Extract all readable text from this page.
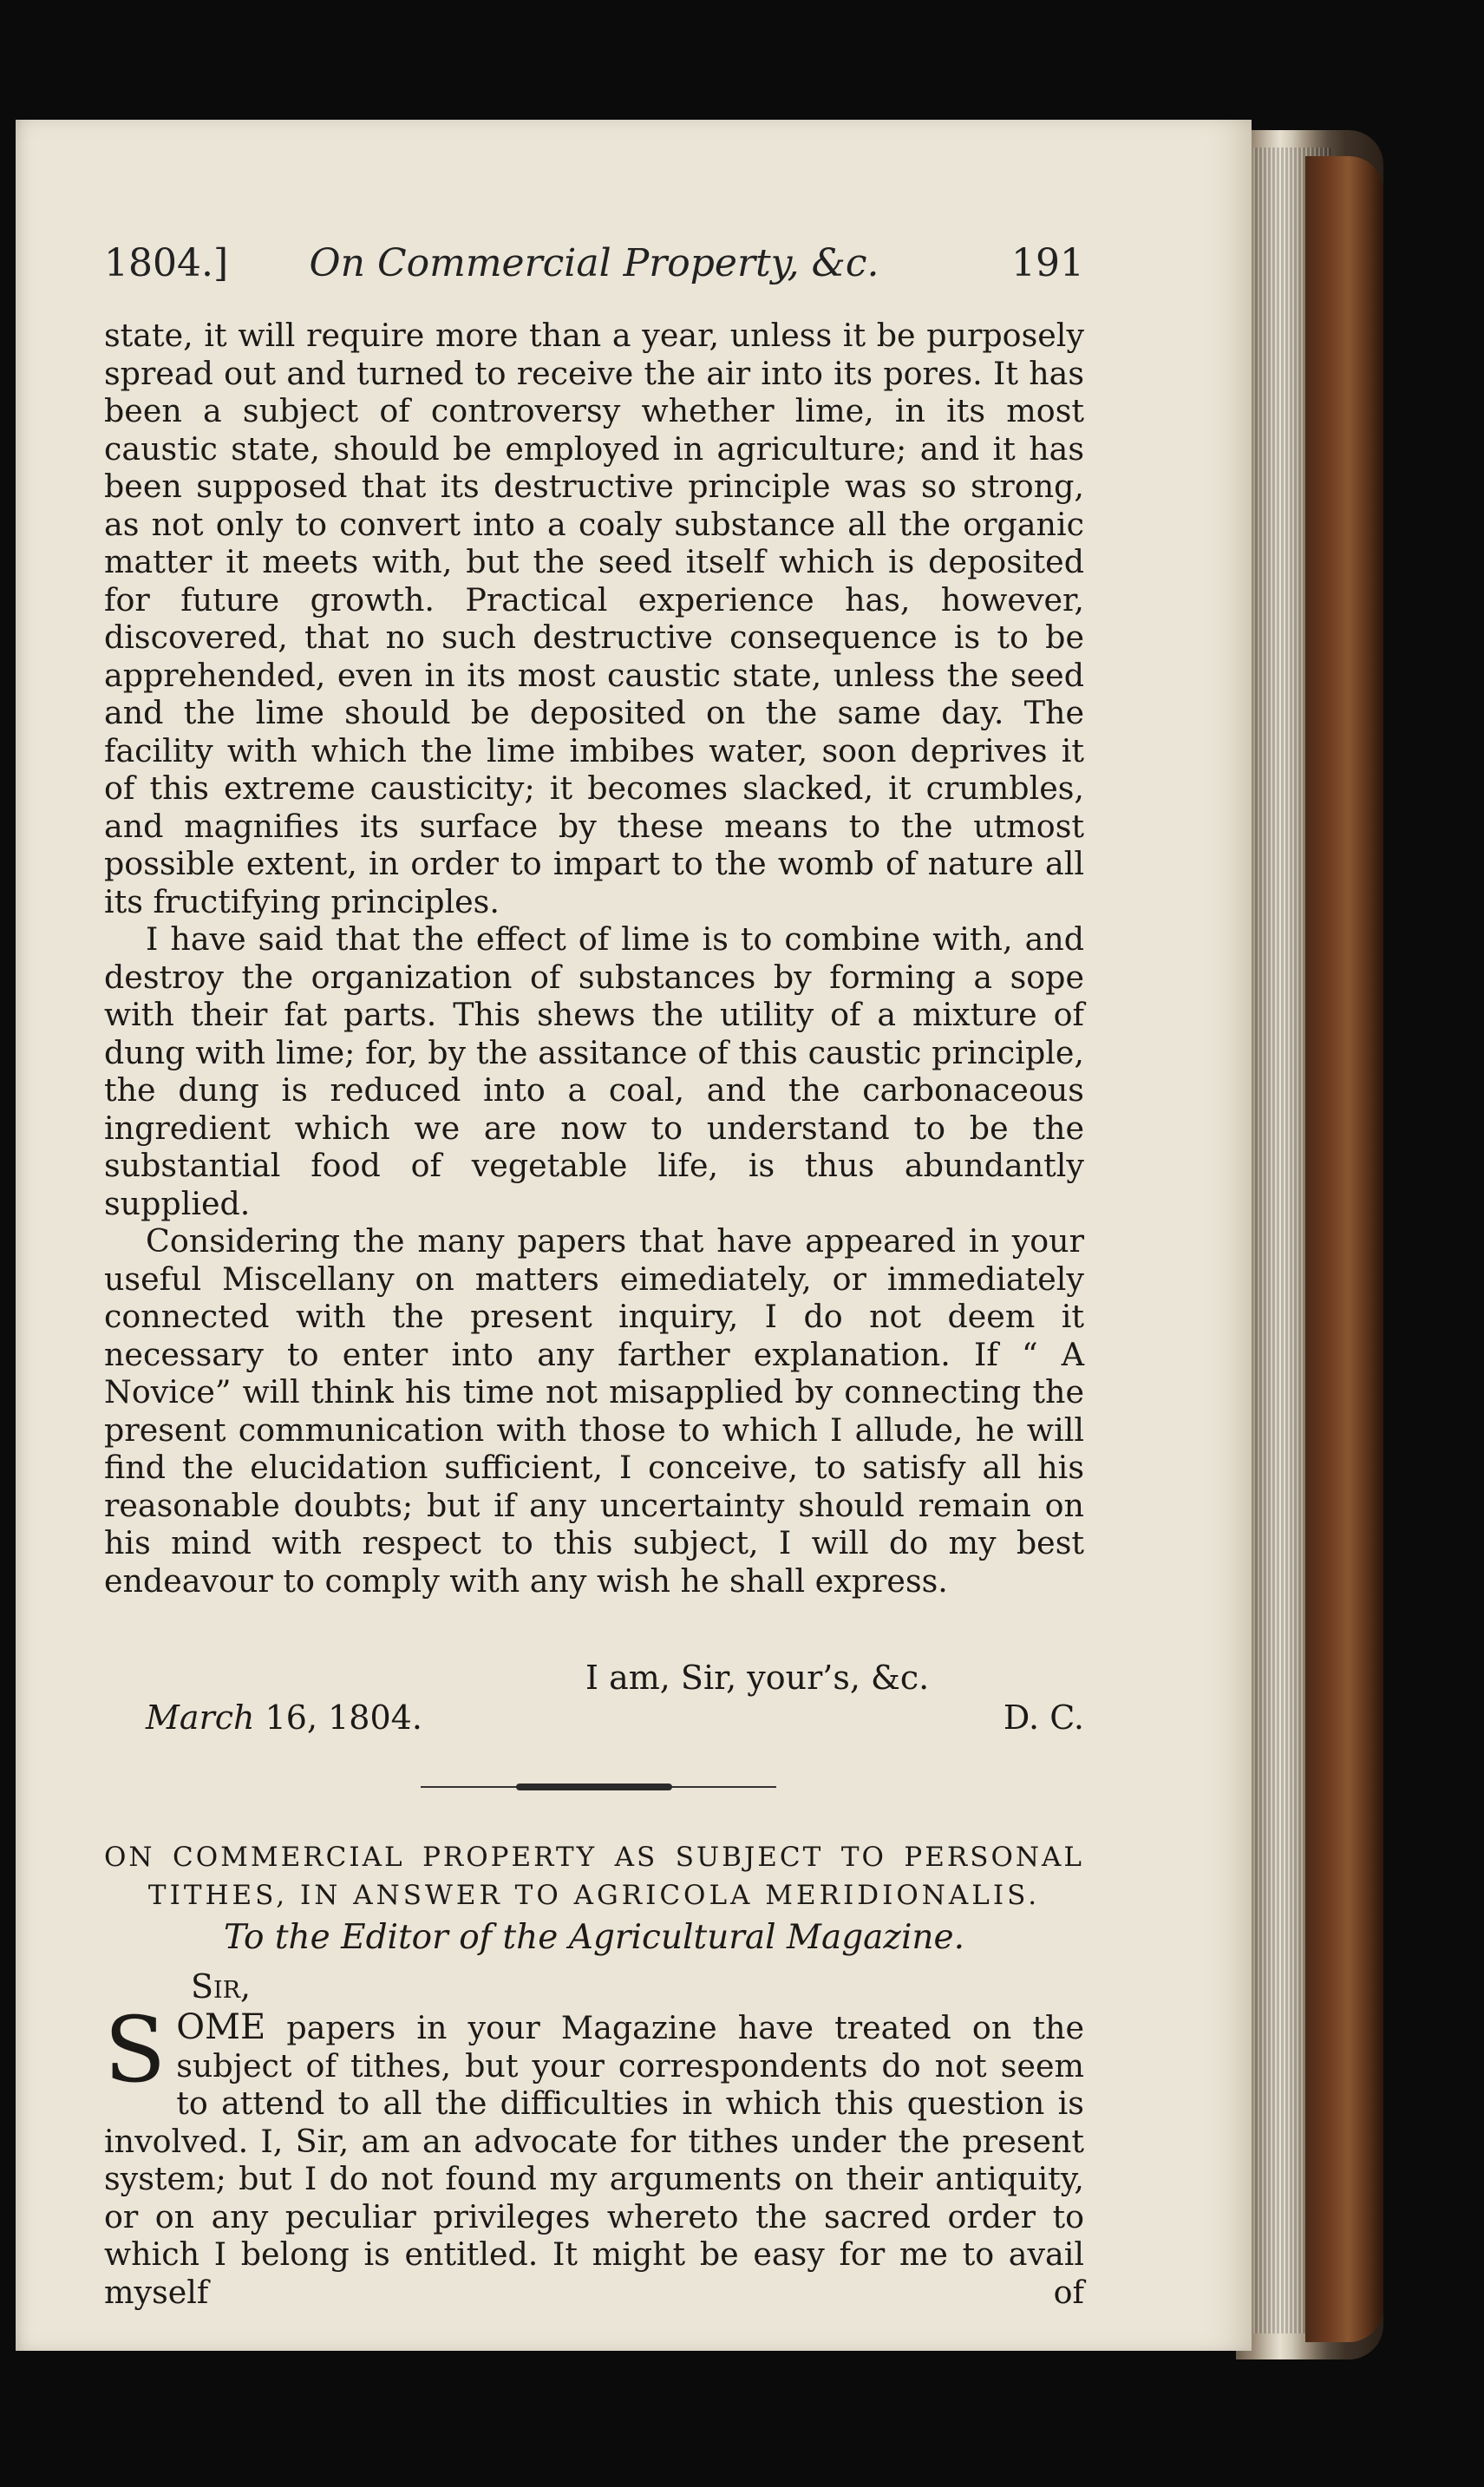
1804.]	On Commercial Property, &c.	191

state, it will require more than a year, unless it be purposely spread out and turned to receive the air into its pores. It has been a subject of controversy whether lime, in its most caustic state, should be employed in agriculture; and it has been supposed that its destructive principle was so strong, as not only to convert into a coaly substance all the organic matter it meets with, but the seed itself which is deposited for future growth. Practical experience has, however, discovered, that no such destructive consequence is to be apprehended, even in its most caustic state, unless the seed and the lime should be deposited on the same day. The facility with which the lime imbibes water, soon deprives it of this extreme causticity; it becomes slacked, it crumbles, and magnifies its surface by these means to the utmost possible extent, in order to impart to the womb of nature all its fructifying principles.

I have said that the effect of lime is to combine with, and destroy the organization of substances by forming a sope with their fat parts. This shews the utility of a mixture of dung with lime; for, by the assitance of this caustic principle, the dung is reduced into a coal, and the carbonaceous ingredient which we are now to understand to be the substantial food of vegetable life, is thus abundantly supplied.

Considering the many papers that have appeared in your useful Miscellany on matters eimediately, or immediately connected with the present inquiry, I do not deem it necessary to enter into any farther explanation. If “ A Novice” will think his time not misapplied by connecting the present communication with those to which I allude, he will find the elucidation sufficient, I conceive, to satisfy all his reasonable doubts; but if any uncertainty should remain on his mind with respect to this subject, I will do my best endeavour to comply with any wish he shall express.

I am, Sir, your’s, &c.
March 16, 1804.	D. C.
ON COMMERCIAL PROPERTY AS SUBJECT TO PERSONAL
TITHES, IN ANSWER TO AGRICOLA MERIDIONALIS.
To the Editor of the Agricultural Magazine.
Sir,

SOME papers in your Magazine have treated on the subject of tithes, but your correspondents do not seem to attend to all the difficulties in which this question is involved. I, Sir, am an advocate for tithes under the present system; but I do not found my arguments on their antiquity, or on any peculiar privileges whereto the sacred order to which I belong is entitled. It might be easy for me to avail myself of
